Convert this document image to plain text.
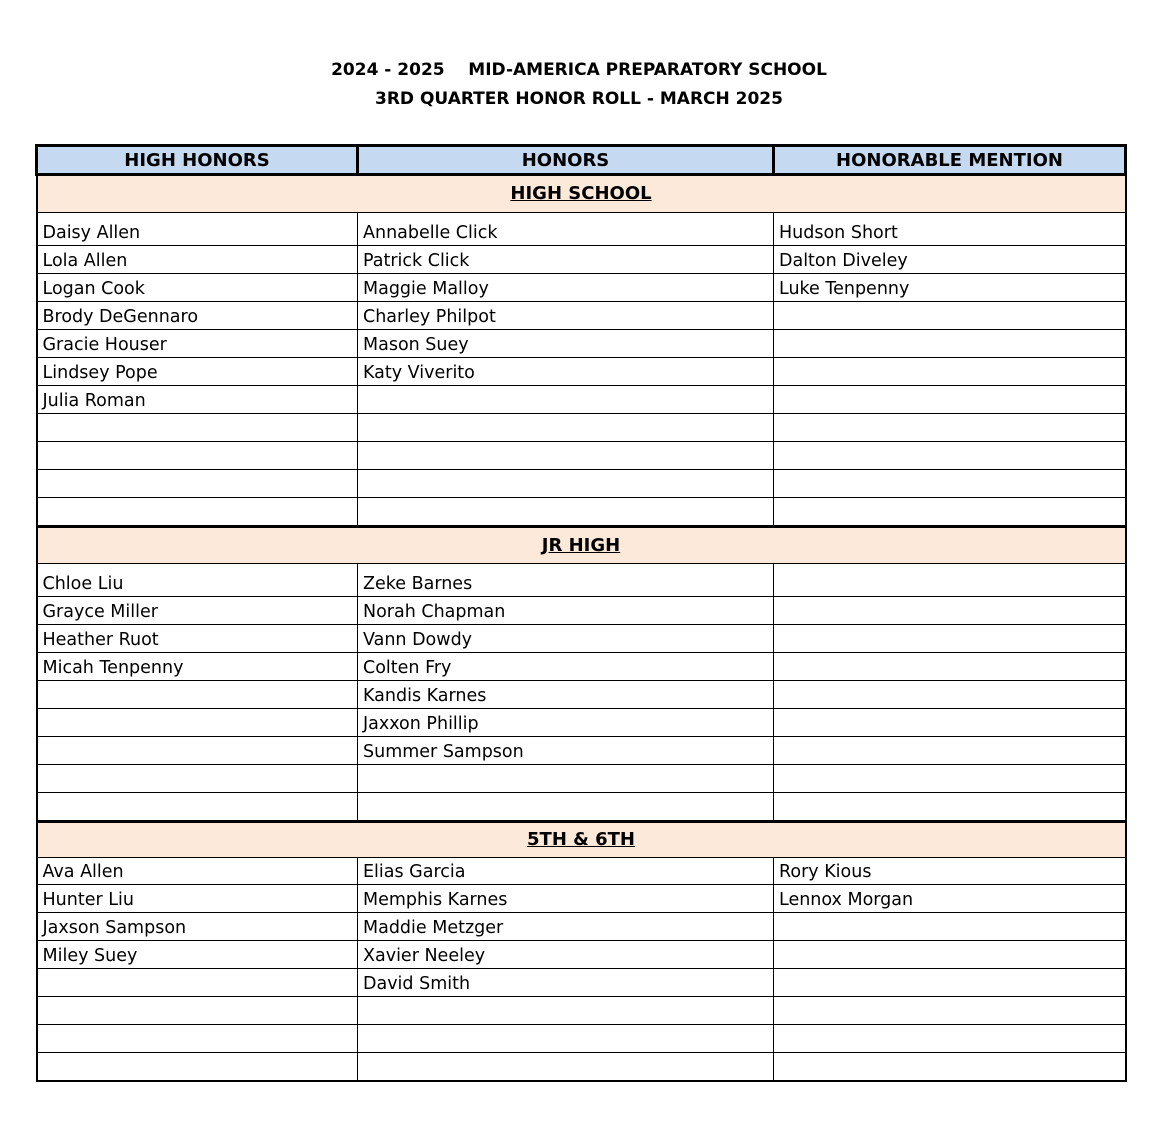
2024 - 2025    MID-AMERICA PREPARATORY SCHOOL
3RD QUARTER HONOR ROLL - MARCH 2025
HIGH HONORS	HONORS	HONORABLE MENTION
HIGH SCHOOL		
Daisy Allen	Annabelle Click	Hudson Short
Lola Allen	Patrick Click	Dalton Diveley
Logan Cook	Maggie Malloy	Luke Tenpenny
Brody DeGennaro	Charley Philpot	
Gracie Houser	Mason Suey	
Lindsey Pope	Katy Viverito	
Julia Roman		

JR HIGH		
Chloe Liu	Zeke Barnes	
Grayce Miller	Norah Chapman	
Heather Ruot	Vann Dowdy	
Micah Tenpenny	Colten Fry	
	Kandis Karnes	
	Jaxxon Phillip	
	Summer Sampson	

5TH & 6TH		
Ava Allen	Elias Garcia	Rory Kious
Hunter Liu	Memphis Karnes	Lennox Morgan
Jaxson Sampson	Maddie Metzger	
Miley Suey	Xavier Neeley	
	David Smith	
